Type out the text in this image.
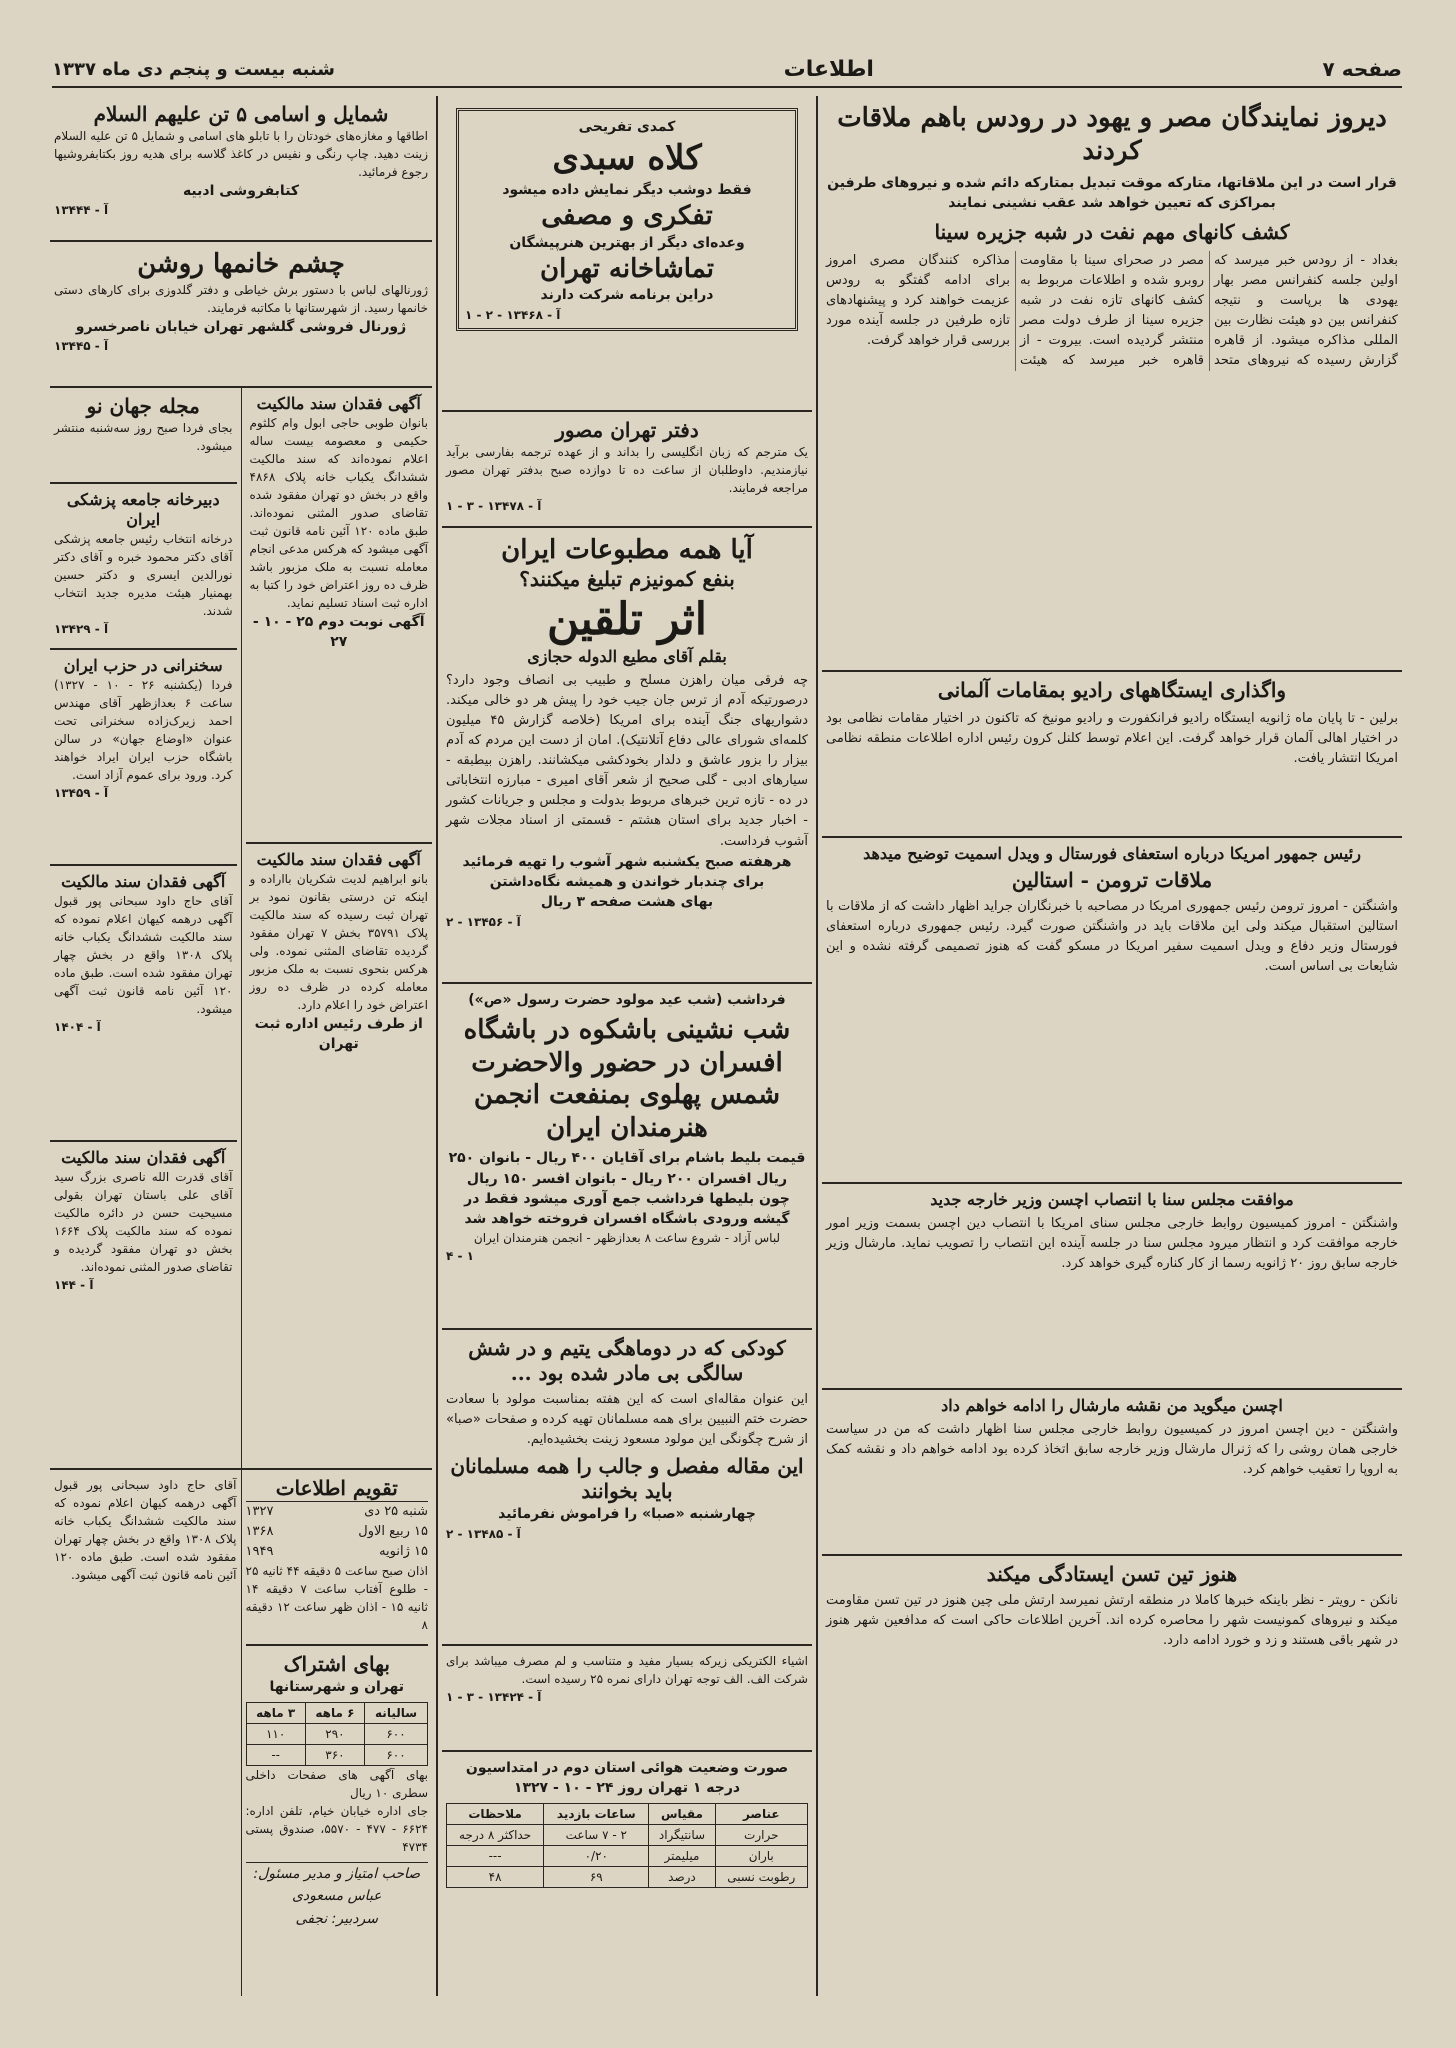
صفحه ۷
اطلاعات
شنبه بیست و پنجم دی ماه ۱۳۳۷
دیروز نمایندگان مصر و یهود در رودس باهم ملاقات کردند
قرار است در این ملاقاتها، متارکه موقت تبدیل بمتارکه دائم شده و نیروهای طرفین بمراکزی که تعیین خواهد شد عقب نشینی نمایند
کشف کانهای مهم نفت در شبه جزیره سینا
بغداد - از رودس خبر میرسد که اولین جلسه کنفرانس مصر بهار یهودی ها برپاست و نتیجه کنفرانس بین دو هیئت نظارت بین المللی مذاکره میشود. از قاهره گزارش رسیده که نیروهای متحد مصر در صحرای سینا با مقاومت روبرو شده و اطلاعات مربوط به کشف کانهای تازه نفت در شبه جزیره سینا از طرف دولت مصر منتشر گردیده است. بیروت - از قاهره خبر میرسد که هیئت مذاکره کنندگان مصری امروز برای ادامه گفتگو به رودس عزیمت خواهند کرد و پیشنهادهای تازه طرفین در جلسه آینده مورد بررسی قرار خواهد گرفت.
واگذاری ایستگاههای رادیو بمقامات آلمانی
برلین - تا پایان ماه ژانویه ایستگاه رادیو فرانکفورت و رادیو مونیخ که تاکنون در اختیار مقامات نظامی بود در اختیار اهالی آلمان قرار خواهد گرفت. این اعلام توسط کلنل کرون رئیس اداره اطلاعات منطقه نظامی امریکا انتشار یافت.
رئیس جمهور امریکا درباره استعفای فورستال و ویدل اسمیت توضیح میدهد
ملاقات ترومن - استالین
واشنگتن - امروز ترومن رئیس جمهوری امریکا در مصاحبه با خبرنگاران جراید اظهار داشت که از ملاقات با استالین استقبال میکند ولی این ملاقات باید در واشنگتن صورت گیرد. رئیس جمهوری درباره استعفای فورستال وزیر دفاع و ویدل اسمیت سفیر امریکا در مسکو گفت که هنوز تصمیمی گرفته نشده و این شایعات بی اساس است.
موافقت مجلس سنا با انتصاب اچسن وزیر خارجه جدید
واشنگتن - امروز کمیسیون روابط خارجی مجلس سنای امریکا با انتصاب دین اچسن بسمت وزیر امور خارجه موافقت کرد و انتظار میرود مجلس سنا در جلسه آینده این انتصاب را تصویب نماید. مارشال وزیر خارجه سابق روز ۲۰ ژانویه رسما از کار کناره گیری خواهد کرد.
اچسن میگوید من نقشه مارشال را ادامه خواهم داد
واشنگتن - دین اچسن امروز در کمیسیون روابط خارجی مجلس سنا اظهار داشت که من در سیاست خارجی همان روشی را که ژنرال مارشال وزیر خارجه سابق اتخاذ کرده بود ادامه خواهم داد و نقشه کمک به اروپا را تعقیب خواهم کرد.
هنوز تین تسن ایستادگی میکند
نانکن - رویتر - نظر باینکه خبرها کاملا در منطقه ارتش نمیرسد ارتش ملی چین هنوز در تین تسن مقاومت میکند و نیروهای کمونیست شهر را محاصره کرده اند. آخرین اطلاعات حاکی است که مدافعین شهر هنوز در شهر باقی هستند و زد و خورد ادامه دارد.
کمدی تفریحی
کلاه سبدی
فقط دوشب دیگر نمایش داده میشود
تفکری و مصفی
وعده‌ای دیگر از بهترین هنرپیشگان
تماشاخانه تهران
دراین برنامه شرکت دارند
آ - ۱۳۴۶۸ - ۲ - ۱
دفتر تهران مصور
یک مترجم که زبان انگلیسی را بداند و از عهده ترجمه بفارسی برآید نیازمندیم. داوطلبان از ساعت ده تا دوازده صبح بدفتر تهران مصور مراجعه فرمایند.
آ - ۱۳۴۷۸ - ۳ - ۱
آیا همه مطبوعات ایران
بنفع کمونیزم تبلیغ میکنند؟
اثر تلقین
بقلم آقای مطیع الدوله حجازی
چه فرقی میان راهزن مسلح و طبیب بی انصاف وجود دارد؟ درصورتیکه آدم از ترس جان جیب خود را پیش هر دو خالی میکند. دشواریهای جنگ آینده برای امریکا (خلاصه گزارش ۴۵ میلیون کلمه‌ای شورای عالی دفاع آتلانتیک). امان از دست این مردم که آدم بیزار را بزور عاشق و دلدار بخودکشی میکشانند. راهزن بیطبقه - سیارهای ادبی - گلی صحیح از شعر آقای امیری - مبارزه انتخاباتی در ده - تازه ترین خبرهای مربوط بدولت و مجلس و جریانات کشور - اخبار جدید برای استان هشتم - قسمتی از اسناد مجلات شهر آشوب فرداست.
هرهفته صبح یکشنبه شهر آشوب را تهیه فرمائید برای چندبار خواندن و همیشه نگاه‌داشتن
بهای هشت صفحه ۳ ریال
آ - ۱۳۴۵۶ - ۲
فرداشب (شب عید مولود حضرت رسول «ص»)
شب نشینی باشکوه در باشگاه افسران در حضور والاحضرت شمس پهلوی بمنفعت انجمن هنرمندان ایران
قیمت بلیط باشام برای آقایان ۴۰۰ ریال - بانوان ۲۵۰ ریال افسران ۲۰۰ ریال - بانوان افسر ۱۵۰ ریال
چون بلیطها فرداشب جمع آوری میشود فقط در گیشه ورودی باشگاه افسران فروخته خواهد شد
لباس آزاد - شروع ساعت ۸ بعدازظهر - انجمن هنرمندان ایران
۴ - ۱
کودکی که در دوماهگی یتیم و در شش سالگی بی مادر شده بود ...
این عنوان مقاله‌ای است که این هفته بمناسبت مولود با سعادت حضرت ختم النبیین برای همه مسلمانان تهیه کرده و صفحات «صبا» از شرح چگونگی این مولود مسعود زینت بخشیده‌ایم.
این مقاله مفصل و جالب را همه مسلمانان باید بخوانند
چهارشنبه «صبا» را فراموش نفرمائید
آ - ۱۳۴۸۵ - ۲
اشیاء الکتریکی زیرکه بسیار مفید و متناسب و لم مصرف میباشد برای شرکت الف. الف توجه تهران دارای نمره ۲۵ رسیده است.
آ - ۱۳۴۲۴ - ۳ - ۱
صورت وضعیت هوائی استان دوم در امتداسیون
درجه ۱ تهران روز ۲۴ - ۱۰ - ۱۳۲۷
عناصر	مقیاس	ساعات بازدید	ملاحظات
حرارت	سانتیگراد	۲ - ۷ ساعت	حداکثر ۸ درجه
باران	میلیمتر	۰/۲۰	---
رطوبت نسبی	درصد	۶۹	۴۸
شمایل و اسامی ۵ تن علیهم السلام
اطاقها و مغازه‌های خودتان را با تابلو های اسامی و شمایل ۵ تن علیه السلام زینت دهید. چاپ رنگی و نفیس در کاغذ گلاسه برای هدیه روز بکتابفروشیها رجوع فرمائید.
کتابفروشی ادبیه
آ - ۱۳۴۴۴
چشم خانمها روشن
ژورنالهای لباس با دستور برش خیاطی و دفتر گلدوزی برای کارهای دستی خانمها رسید. از شهرستانها با مکاتبه فرمایند.
ژورنال فروشی گلشهر تهران خیابان ناصرخسرو
آ - ۱۳۴۴۵
آگهی فقدان سند مالکیت
بانوان طوبی حاجی ابول وام کلثوم حکیمی و معصومه بیست ساله اعلام نموده‌اند که سند مالکیت ششدانگ یکباب خانه پلاک ۴۸۶۸ واقع در بخش دو تهران مفقود شده تقاضای صدور المثنی نموده‌اند. طبق ماده ۱۲۰ آئین نامه قانون ثبت آگهی میشود که هرکس مدعی انجام معامله نسبت به ملک مزبور باشد ظرف ده روز اعتراض خود را کتبا به اداره ثبت اسناد تسلیم نماید.
آگهی نوبت دوم ۲۵ - ۱۰ - ۲۷
آگهی فقدان سند مالکیت
بانو ابراهیم لدیت شکریان بااراده و اینکه تن درستی بقانون نمود بر تهران ثبت رسیده که سند مالکیت پلاک ۳۵۷۹۱ بخش ۷ تهران مفقود گردیده تقاضای المثنی نموده. ولی هرکس بنحوی نسبت به ملک مزبور معامله کرده در ظرف ده روز اعتراض خود را اعلام دارد.
از طرف رئیس اداره ثبت تهران
مجله جهان نو
بجای فردا صبح روز سه‌شنبه منتشر میشود.
دبیرخانه جامعه پزشکی ایران
درخانه انتخاب رئیس جامعه پزشکی آقای دکتر محمود خبره و آقای دکتر نورالدین ایسری و دکتر حسین بهمنیار هیئت مدیره جدید انتخاب شدند.
آ - ۱۳۴۲۹
سخنرانی در حزب ایران
فردا (یکشنبه ۲۶ - ۱۰ - ۱۳۲۷) ساعت ۶ بعدازظهر آقای مهندس احمد زیرک‌زاده سخنرانی تحت عنوان «اوضاع جهان» در سالن باشگاه حزب ایران ایراد خواهند کرد. ورود برای عموم آزاد است.
آ - ۱۳۴۵۹
آگهی فقدان سند مالکیت
آقای حاج داود سبحانی پور قبول آگهی درهمه کیهان اعلام نموده که سند مالکیت ششدانگ یکباب خانه پلاک ۱۳۰۸ واقع در بخش چهار تهران مفقود شده است. طبق ماده ۱۲۰ آئین نامه قانون ثبت آگهی میشود.
آ - ۱۴۰۴
آگهی فقدان سند مالکیت
آقای قدرت الله ناصری بزرگ سید آقای علی باستان تهران بقولی مسیحیت حسن در دائره مالکیت نموده که سند مالکیت پلاک ۱۶۶۴ بخش دو تهران مفقود گردیده و تقاضای صدور المثنی نموده‌اند.
آ - ۱۴۴
تقویم اطلاعات
شنبه ۲۵ دی
۱۳۲۷
۱۵ ربیع الاول
۱۳۶۸
۱۵ ژانویه
۱۹۴۹
اذان صبح ساعت ۵ دقیقه ۴۴ ثانیه ۲۵ - طلوع آفتاب ساعت ۷ دقیقه ۱۴ ثانیه ۱۵ - اذان ظهر ساعت ۱۲ دقیقه ۸
بهای اشتراک
تهران و شهرستانها
سالیانه	۶ ماهه	۳ ماهه
۶۰۰	۲۹۰	۱۱۰
۶۰۰	۳۶۰	--
بهای آگهی های صفحات داخلی سطری ۱۰ ریال
جای اداره خیابان خیام، تلفن اداره: ۶۶۲۴ - ۴۷۷ - ۵۵۷۰، صندوق پستی ۴۷۳۴
صاحب امتیاز و مدیر مسئول: عباس مسعودی
سردبیر: نجفی
آقای حاج داود سبحانی پور قبول آگهی درهمه کیهان اعلام نموده که سند مالکیت ششدانگ یکباب خانه پلاک ۱۳۰۸ واقع در بخش چهار تهران مفقود شده است. طبق ماده ۱۲۰ آئین نامه قانون ثبت آگهی میشود.
